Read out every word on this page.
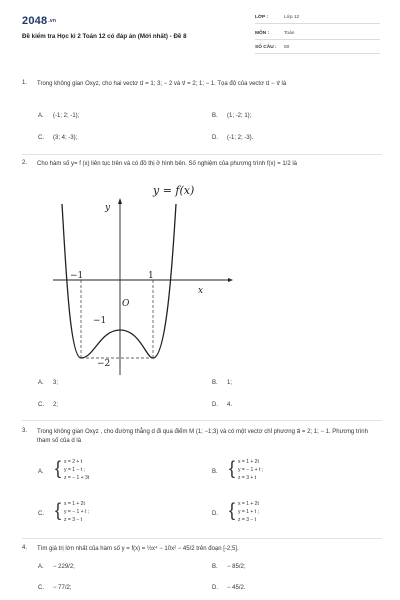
2048.vn
Đề kiểm tra Học kì 2 Toán 12 có đáp án (Mới nhất) - Đề 8
LỚP :	Lớp 12
MÔN :	Toán
SỐ CÂU : 50
1. Trong không gian Oxyz, cho hai vectơ u⃗ = 1; 3; − 2 và v⃗ = 2; 1; − 1. Tọa độ của vectơ u⃗ − v⃗ là
A. (-1; 2; -1);	B. (1; -2; 1);
C. (3; 4; -3);	D. (-1; 2; -3).
2. Cho hàm số y= f (x) liên tục trên và có đồ thị ở hình bên. Số nghiệm của phương trình f(x) = 1/2 là
A. 3;	B. 1;
C. 2;	D. 4.
y = f(x)
y
x
O
−1	1
−1
−2
3. Trong không gian Oxyz , cho đường thẳng d đi qua điểm M (1; −1;3) và có một vectơ chỉ phương a⃗ = 2; 1; − 1. Phương trình tham số của d là
A. { x = 2 + t
y = 1 − t ;
z = − 1 + 3t
B. { x = 1 + 2t
y = − 1 + t ;
z = 3 + t
C. { x = 1 + 2t
y = − 1 + t ;
z = 3 − t
D. { x = 1 + 2t
y = 1 + t ;
z = 3 − t
4. Tìm giá trị lớn nhất của hàm số y = f(x) = ½x⁴ − 10x² − 45/2 trên đoạn [-2;5].
A. − 229/2;	B. − 85/2;
C. − 77/2;	D. − 45/2.
